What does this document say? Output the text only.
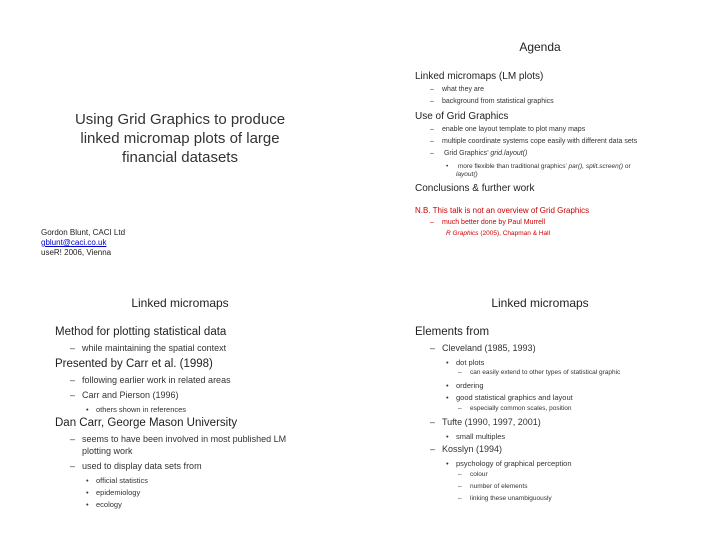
Using Grid Graphics to produce
linked micromap plots of large
financial datasets
Gordon Blunt, CACI Ltd
gblunt@caci.co.uk
useR! 2006, Vienna
Agenda
Linked micromaps (LM plots)
– what they are
– background from statistical graphics
Use of Grid Graphics
– enable one layout template to plot many maps
– multiple coordinate systems cope easily with different data sets
– Grid Graphics’ grid.layout()
• more flexible than traditional graphics’ par(), split.screen() or
layout()
Conclusions & further work
N.B. This talk is not an overview of Grid Graphics
– much better done by Paul Murrell
R Graphics (2005), Chapman & Hall
Linked micromaps
Method for plotting statistical data
– while maintaining the spatial context
Presented by Carr et al. (1998)
– following earlier work in related areas
– Carr and Pierson (1996)
• others shown in references
Dan Carr, George Mason University
– seems to have been involved in most published LM
plotting work
– used to display data sets from
• official statistics
• epidemiology
• ecology
Linked micromaps
Elements from
– Cleveland (1985, 1993)
• dot plots
– can easily extend to other types of statistical graphic
• ordering
• good statistical graphics and layout
– especially common scales, position
– Tufte (1990, 1997, 2001)
• small multiples
– Kosslyn (1994)
• psychology of graphical perception
– colour
– number of elements
– linking these unambiguously
